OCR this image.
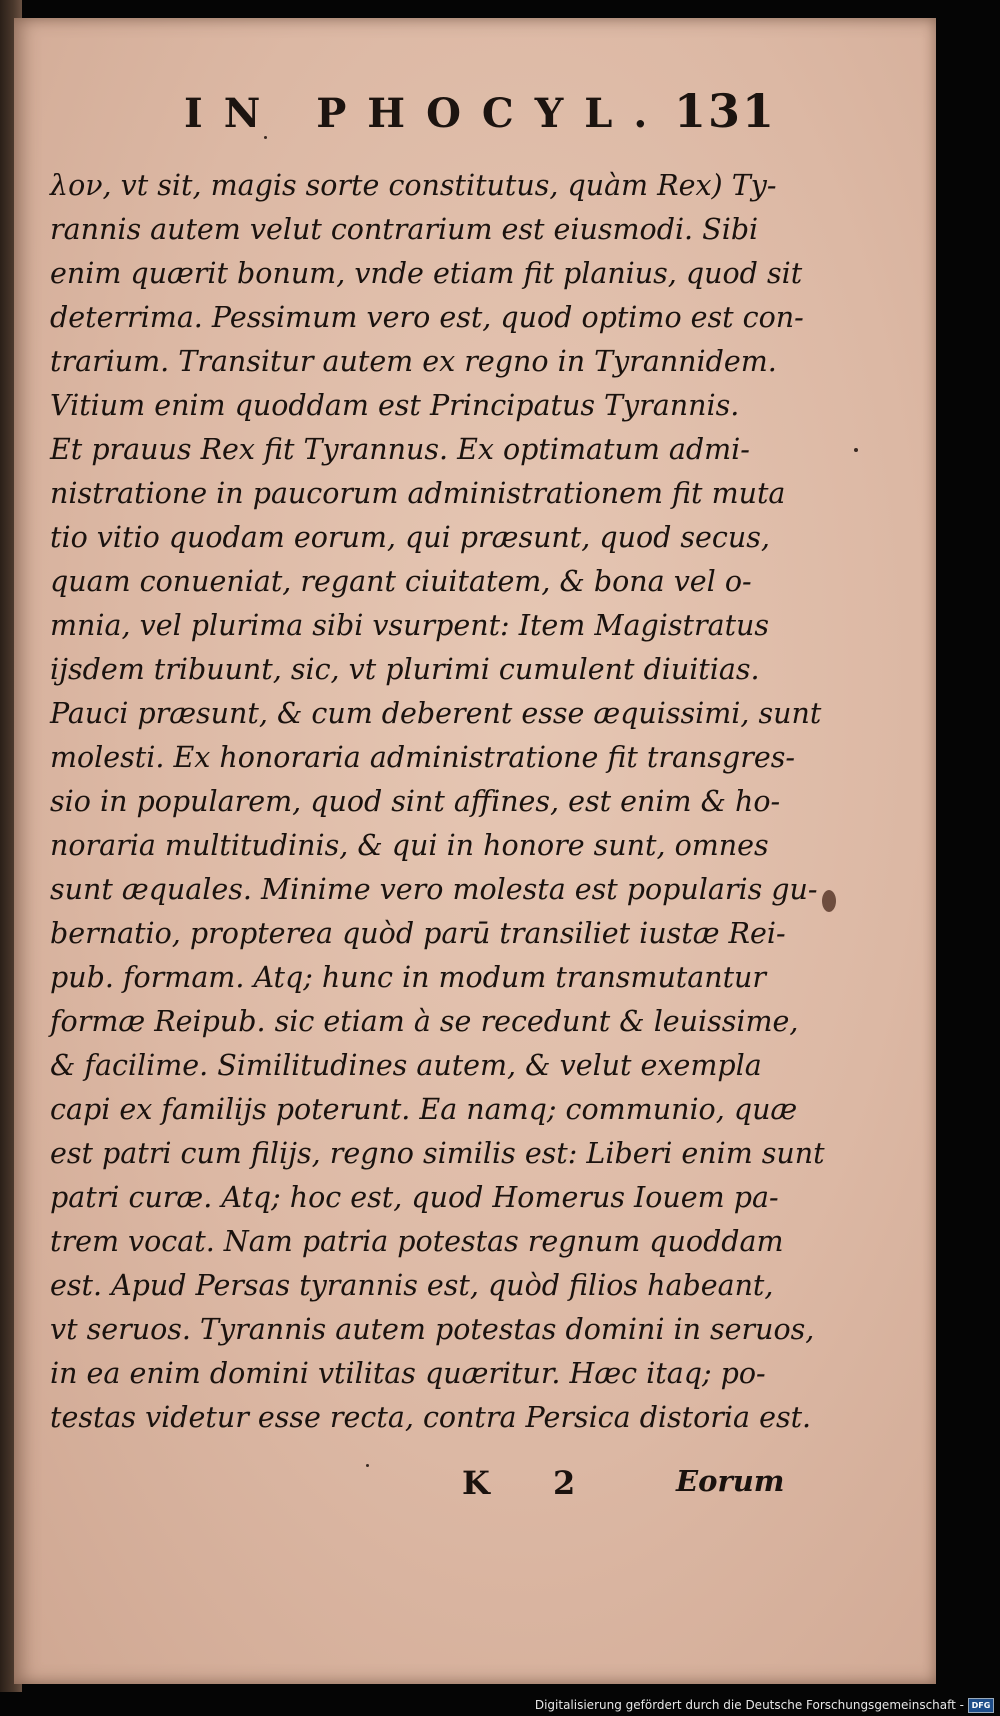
IN PHOCYL. 131
λον, vt sit, magis sorte constitutus, quàm Rex) Ty-
rannis autem velut contrarium est eiusmodi. Sibi
enim quærit bonum, vnde etiam fit planius, quod sit
deterrima. Pessimum vero est, quod optimo est con-
trarium. Transitur autem ex regno in Tyrannidem.
Vitium enim quoddam est Principatus Tyrannis.
Et prauus Rex fit Tyrannus. Ex optimatum admi-
nistratione in paucorum administrationem fit muta
tio vitio quodam eorum, qui præsunt, quod secus,
quam conueniat, regant ciuitatem, & bona vel o-
mnia, vel plurima sibi vsurpent: Item Magistratus
ijsdem tribuunt, sic, vt plurimi cumulent diuitias.
Pauci præsunt, & cum deberent esse æquissimi, sunt
molesti. Ex honoraria administratione fit transgres-
sio in popularem, quod sint affines, est enim & ho-
noraria multitudinis, & qui in honore sunt, omnes
sunt æquales. Minime vero molesta est popularis gu-
bernatio, propterea quòd parū transiliet iustæ Rei-
pub. formam. Atq; hunc in modum transmutantur
formæ Reipub. sic etiam à se recedunt & leuissime,
& facilime. Similitudines autem, & velut exempla
capi ex familijs poterunt. Ea namq; communio, quæ
est patri cum filijs, regno similis est: Liberi enim sunt
patri curæ. Atq; hoc est, quod Homerus Iouem pa-
trem vocat. Nam patria potestas regnum quoddam
est. Apud Persas tyrannis est, quòd filios habeant,
vt seruos. Tyrannis autem potestas domini in seruos,
in ea enim domini vtilitas quæritur. Hæc itaq; po-
testas videtur esse recta, contra Persica distoria est.
K 2	Eorum
Digitalisierung gefördert durch die Deutsche Forschungsgemeinschaft - DFG
